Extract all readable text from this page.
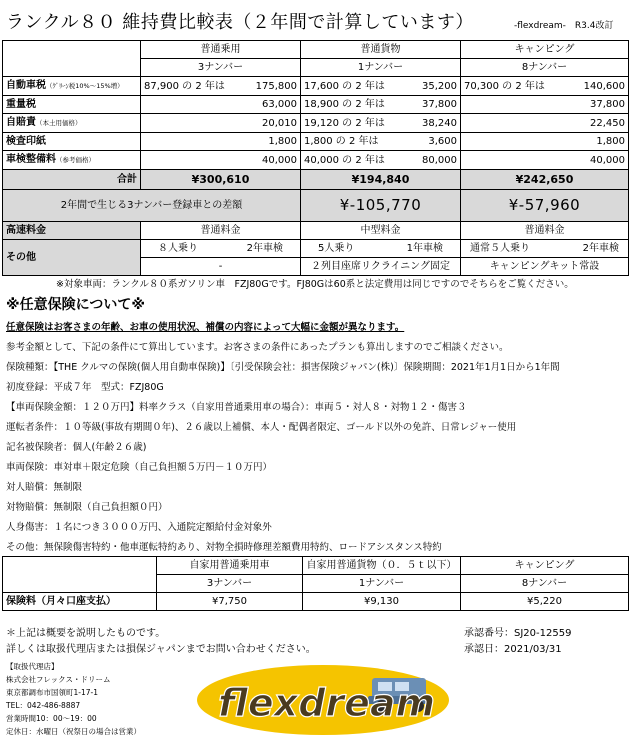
ランクル８０ 維持費比較表（２年間で計算しています）	-flexdream-　R3.4改訂
	普通乗用	普通貨物	キャンピング
	3ナンバー	1ナンバー	8ナンバー
自動車税（ｸﾞﾘｰﾝ税10%〜15%増）	87,900 の 2 年は 175,800	17,600 の 2 年は 35,200	70,300 の 2 年は 140,600

重量税	63,000	18,900 の 2 年は 37,800	37,800

自賠責（本土用価格）	20,010	19,120 の 2 年は 38,240	22,450

検査印紙	1,800	1,800 の 2 年は 3,600	1,800

車検整備料（参考価格）	40,000	40,000 の 2 年は 80,000	40,000

合計	¥300,610	¥194,840	¥242,650
2年間で生じる3ナンバー登録車との差額		¥-105,770	¥-57,960
高速料金	普通料金	中型料金	普通料金
その他	８人乗り 2年車検	5人乗り 1年車検	通常５人乗り 2年車検

	-	２列目座席リクライニング固定	キャンピングキット常設
※対象車両：ランクル８０系ガソリン車　FZJ80Gです。FJ80Gは60系と法定費用は同じですのでそちらをご覧ください。
※任意保険について※
任意保険はお客さまの年齢、お車の使用状況、補償の内容によって大幅に金額が異なります。
参考金額として、下記の条件にて算出しています。お客さまの条件にあったプランも算出しますのでご相談ください。
保険種類：【THE クルマの保険(個人用自動車保険)】〔引受保険会社：損害保険ジャパン(株)〕保険期間：2021年1月1日から1年間
初度登録：平成７年　型式：FZJ80G
【車両保険金額：１２０万円】料率クラス（自家用普通乗用車の場合）：車両５・対人８・対物１２・傷害３
運転者条件：１０等級(事故有期間０年)、２６歳以上補償、本人・配偶者限定、ゴールド以外の免許、日常レジャー使用
記名被保険者：個人(年齢２６歳)
車両保険：車対車＋限定危険（自己負担額５万円－１０万円）
対人賠償：無制限
対物賠償：無制限（自己負担額０円）
人身傷害：１名につき３０００万円、入通院定額給付金対象外
その他：無保険傷害特約・他車運転特約あり、対物全損時修理差額費用特約、ロードアシスタンス特約
	自家用普通乗用車	自家用普通貨物（０．５ｔ以下）	キャンピング
	3ナンバー	1ナンバー	8ナンバー
保険料（月々口座支払）	¥7,750	¥9,130	¥5,220
＊上記は概要を説明したものです。
詳しくは取扱代理店または損保ジャパンまでお問い合わせください。
承認番号：SJ20-12559
承認日：2021/03/31
【取扱代理店】
株式会社フレックス・ドリーム
東京都調布市国領町1-17-1
TEL：042-486-8887
営業時間10：00〜19：00
定休日：水曜日（祝祭日の場合は営業）
flexdream
